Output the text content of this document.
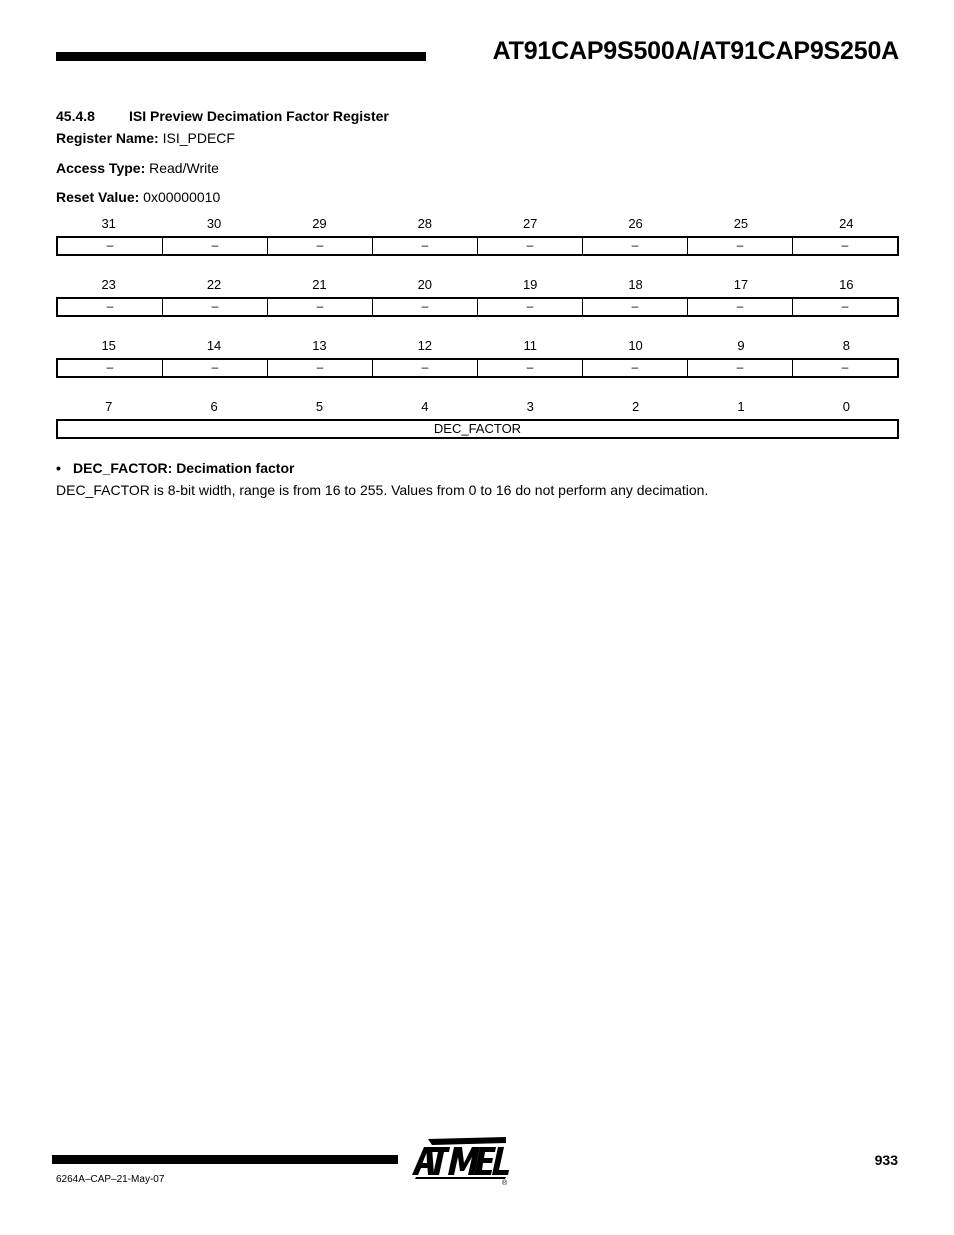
AT91CAP9S500A/AT91CAP9S250A
45.4.8 ISI Preview Decimation Factor Register
Register Name: ISI_PDECF
Access Type: Read/Write
Reset Value: 0x00000010
31	30	29	28	27	26	25	24
–	–	–	–	–	–	–	–
23	22	21	20	19	18	17	16
–	–	–	–	–	–	–	–
15	14	13	12	11	10	9	8
–	–	–	–	–	–	–	–
7	6	5	4	3	2	1	0
DEC_FACTOR
• DEC_FACTOR: Decimation factor
DEC_FACTOR is 8-bit width, range is from 16 to 255. Values from 0 to 16 do not perform any decimation.
6264A–CAP–21-May-07
933
®
